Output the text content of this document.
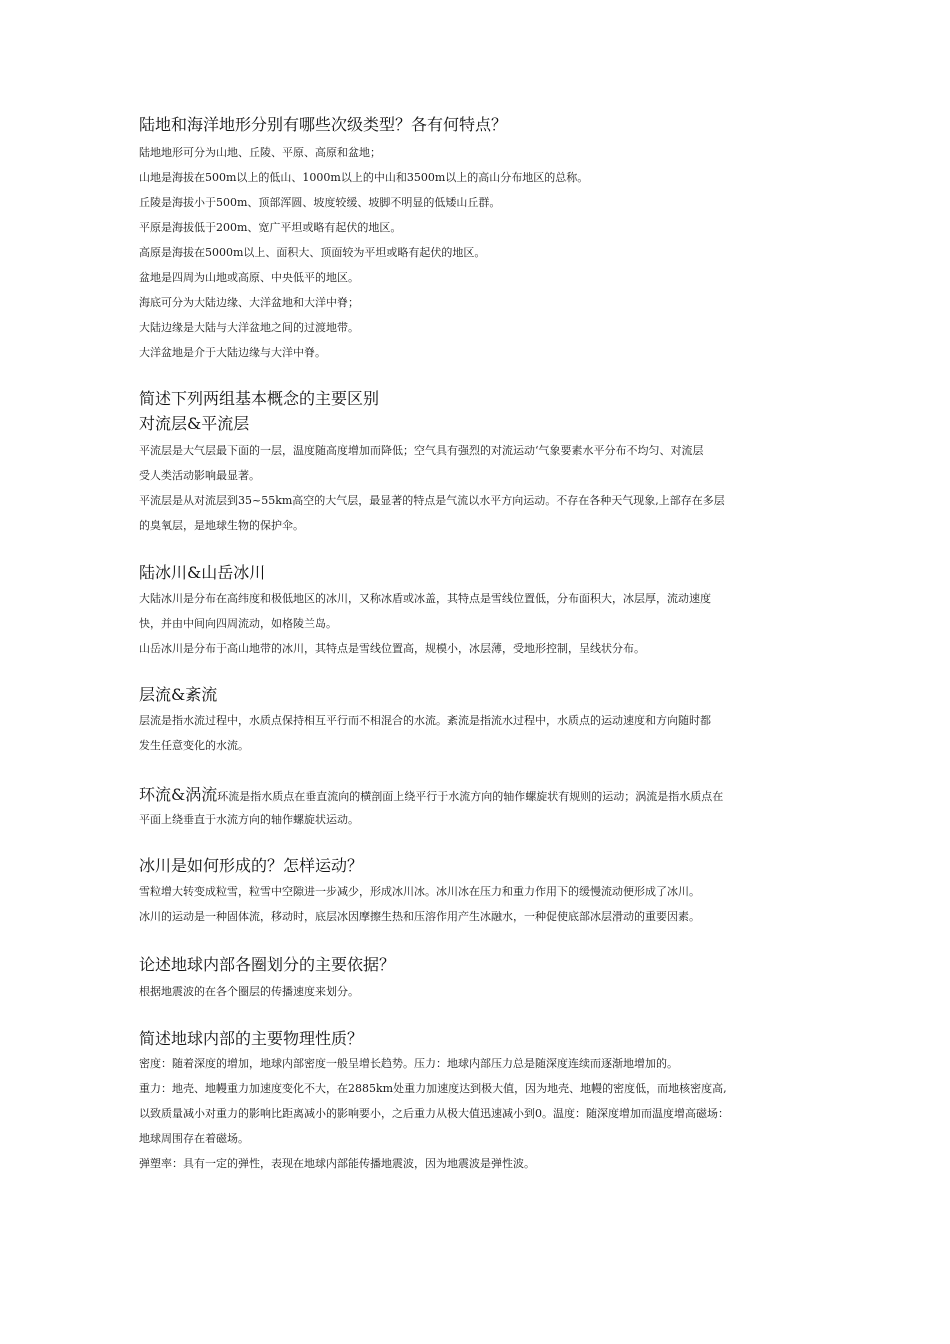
陆地和海洋地形分别有哪些次级类型？各有何特点？
陆地地形可分为山地、丘陵、平原、高原和盆地；
山地是海拔在500m以上的低山、1000m以上的中山和3500m以上的高山分布地区的总称。
丘陵是海拔小于500m、顶部浑圆、坡度较缓、坡脚不明显的低矮山丘群。
平原是海拔低于200m、宽广平坦或略有起伏的地区。
高原是海拔在5000m以上、面积大、顶面较为平坦或略有起伏的地区。
盆地是四周为山地或高原、中央低平的地区。
海底可分为大陆边缘、大洋盆地和大洋中脊；
大陆边缘是大陆与大洋盆地之间的过渡地带。
大洋盆地是介于大陆边缘与大洋中脊。
简述下列两组基本概念的主要区别
对流层&平流层
平流层是大气层最下面的一层，温度随高度增加而降低；空气具有强烈的对流运动‘气象要素水平分布不均匀、对流层
受人类活动影响最显著。
平流层是从对流层到35~55km高空的大气层，最显著的特点是气流以水平方向运动。不存在各种天气现象,上部存在多层
的臭氧层，是地球生物的保护伞。
陆冰川&山岳冰川
大陆冰川是分布在高纬度和极低地区的冰川，又称冰盾或冰盖，其特点是雪线位置低，分布面积大，冰层厚，流动速度
快，并由中间向四周流动，如格陵兰岛。
山岳冰川是分布于高山地带的冰川，其特点是雪线位置高，规模小，冰层薄，受地形控制，呈线状分布。
层流&紊流
层流是指水流过程中，水质点保持相互平行而不相混合的水流。紊流是指流水过程中，水质点的运动速度和方向随时都
发生任意变化的水流。
环流&涡流环流是指水质点在垂直流向的横剖面上绕平行于水流方向的轴作螺旋状有规则的运动；涡流是指水质点在
平面上绕垂直于水流方向的轴作螺旋状运动。
冰川是如何形成的？怎样运动？
雪粒增大转变成粒雪，粒雪中空隙进一步减少，形成冰川冰。冰川冰在压力和重力作用下的缓慢流动便形成了冰川。
冰川的运动是一种固体流，移动时，底层冰因摩擦生热和压溶作用产生冰融水，一种促使底部冰层滑动的重要因素。
论述地球内部各圈划分的主要依据？
根据地震波的在各个圈层的传播速度来划分。
简述地球内部的主要物理性质？
密度：随着深度的增加，地球内部密度一般呈增长趋势。压力：地球内部压力总是随深度连续而逐渐地增加的。
重力：地壳、地幔重力加速度变化不大，在2885km处重力加速度达到极大值，因为地壳、地幔的密度低，而地核密度高,
以致质量减小对重力的影响比距离减小的影响要小，之后重力从极大值迅速减小到0。温度：随深度增加而温度增高磁场：
地球周围存在着磁场。
弹塑率：具有一定的弹性，表现在地球内部能传播地震波，因为地震波是弹性波。
